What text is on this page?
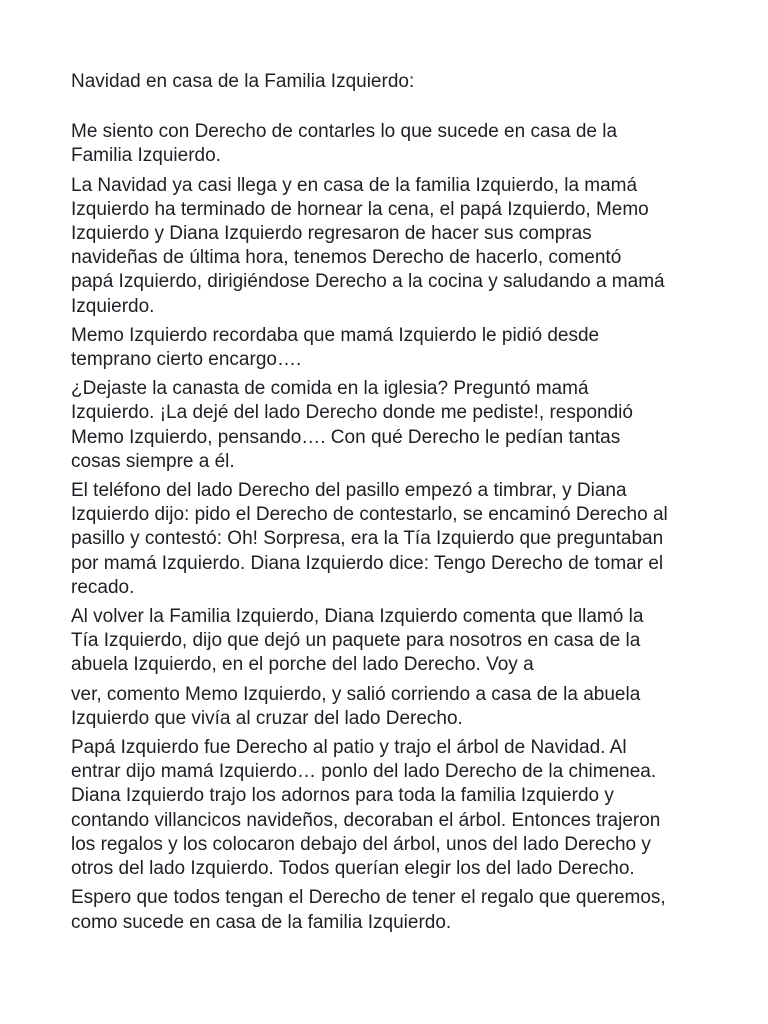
Navidad en casa de la Familia Izquierdo:

Me siento con Derecho de contarles lo que sucede en casa de la
Familia Izquierdo.

La Navidad ya casi llega y en casa de la familia Izquierdo, la mamá
Izquierdo ha terminado de hornear la cena, el papá Izquierdo, Memo
Izquierdo y Diana Izquierdo regresaron de hacer sus compras
navideñas de última hora, tenemos Derecho de hacerlo, comentó
papá Izquierdo, dirigiéndose Derecho a la cocina y saludando a mamá
Izquierdo.

Memo Izquierdo recordaba que mamá Izquierdo le pidió desde
temprano cierto encargo….

¿Dejaste la canasta de comida en la iglesia? Preguntó mamá
Izquierdo. ¡La dejé del lado Derecho donde me pediste!, respondió
Memo Izquierdo, pensando…. Con qué Derecho le pedían tantas
cosas siempre a él.

El teléfono del lado Derecho del pasillo empezó a timbrar, y Diana
Izquierdo dijo: pido el Derecho de contestarlo, se encaminó Derecho al
pasillo y contestó: Oh! Sorpresa, era la Tía Izquierdo que preguntaban
por mamá Izquierdo. Diana Izquierdo dice: Tengo Derecho de tomar el
recado.

Al volver la Familia Izquierdo, Diana Izquierdo comenta que llamó la
Tía Izquierdo, dijo que dejó un paquete para nosotros en casa de la
abuela Izquierdo, en el porche del lado Derecho. Voy a

ver, comento Memo Izquierdo, y salió corriendo a casa de la abuela
Izquierdo que vivía al cruzar del lado Derecho.

Papá Izquierdo fue Derecho al patio y trajo el árbol de Navidad. Al
entrar dijo mamá Izquierdo… ponlo del lado Derecho de la chimenea.
Diana Izquierdo trajo los adornos para toda la familia Izquierdo y
contando villancicos navideños, decoraban el árbol. Entonces trajeron
los regalos y los colocaron debajo del árbol, unos del lado Derecho y
otros del lado Izquierdo. Todos querían elegir los del lado Derecho.

Espero que todos tengan el Derecho de tener el regalo que queremos,
como sucede en casa de la familia Izquierdo.
